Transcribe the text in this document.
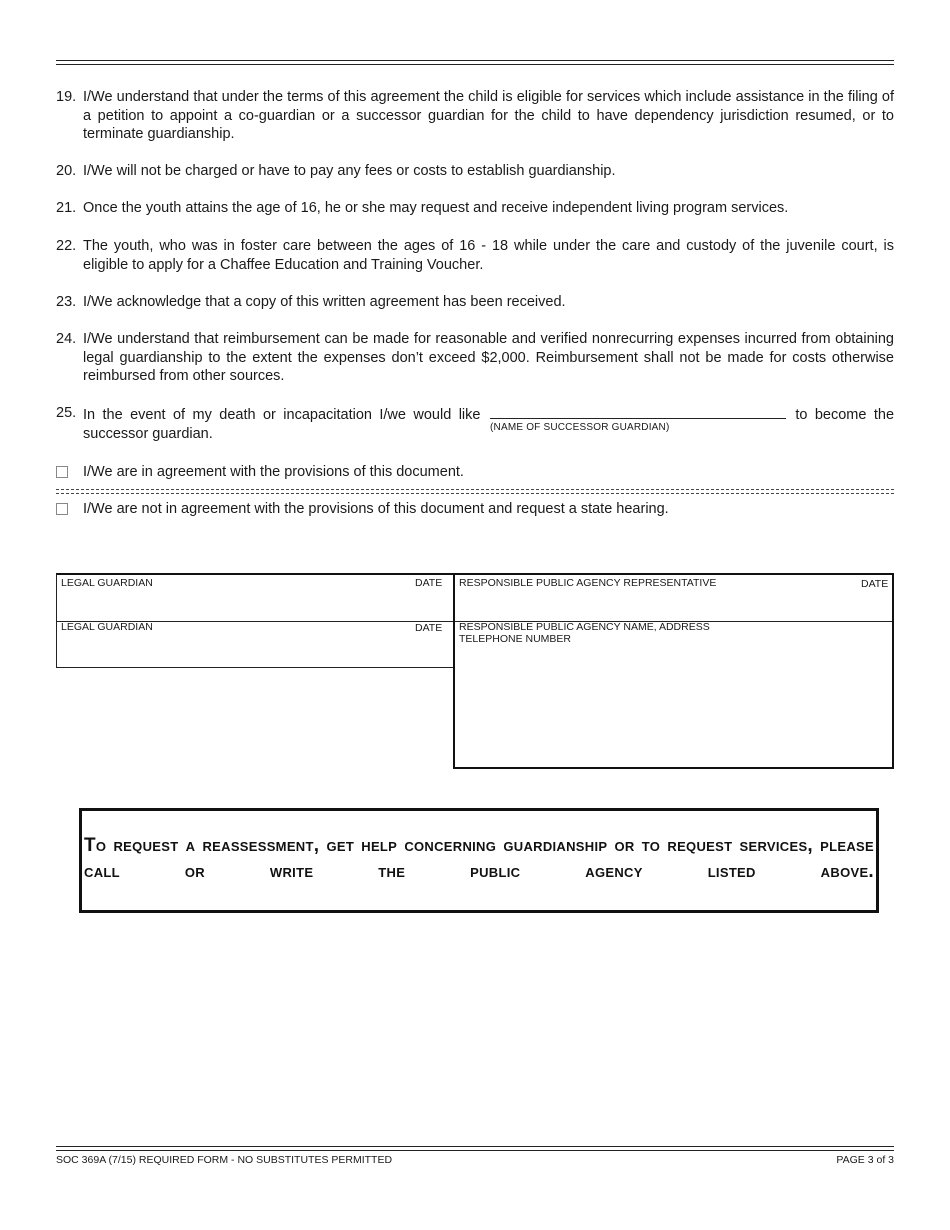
19. I/We understand that under the terms of this agreement the child is eligible for services which include assistance in the filing of a petition to appoint a co-guardian or a successor guardian for the child to have dependency jurisdiction resumed, or to terminate guardianship.
20. I/We will not be charged or have to pay any fees or costs to establish guardianship.
21. Once the youth attains the age of 16, he or she may request and receive independent living program services.
22. The youth, who was in foster care between the ages of 16 - 18 while under the care and custody of the juvenile court, is eligible to apply for a Chaffee Education and Training Voucher.
23. I/We acknowledge that a copy of this written agreement has been received.
24. I/We understand that reimbursement can be made for reasonable and verified nonrecurring expenses incurred from obtaining legal guardianship to the extent the expenses don’t exceed $2,000. Reimbursement shall not be made for costs otherwise reimbursed from other sources.
25. In the event of my death or incapacitation I/we would like	to become the successor guardian.	(NAME OF SUCCESSOR GUARDIAN)
I/We are in agreement with the provisions of this document.
I/We are not in agreement with the provisions of this document and request a state hearing.
LEGAL GUARDIAN	DATE
LEGAL GUARDIAN	DATE
RESPONSIBLE PUBLIC AGENCY REPRESENTATIVE	DATE
RESPONSIBLE PUBLIC AGENCY NAME, ADDRESS
TELEPHONE NUMBER
To request a reassessment, get help concerning guardianship or to request services, please call or write the public agency listed above.
SOC 369A (7/15) REQUIRED FORM - NO SUBSTITUTES PERMITTED	PAGE 3 of 3
